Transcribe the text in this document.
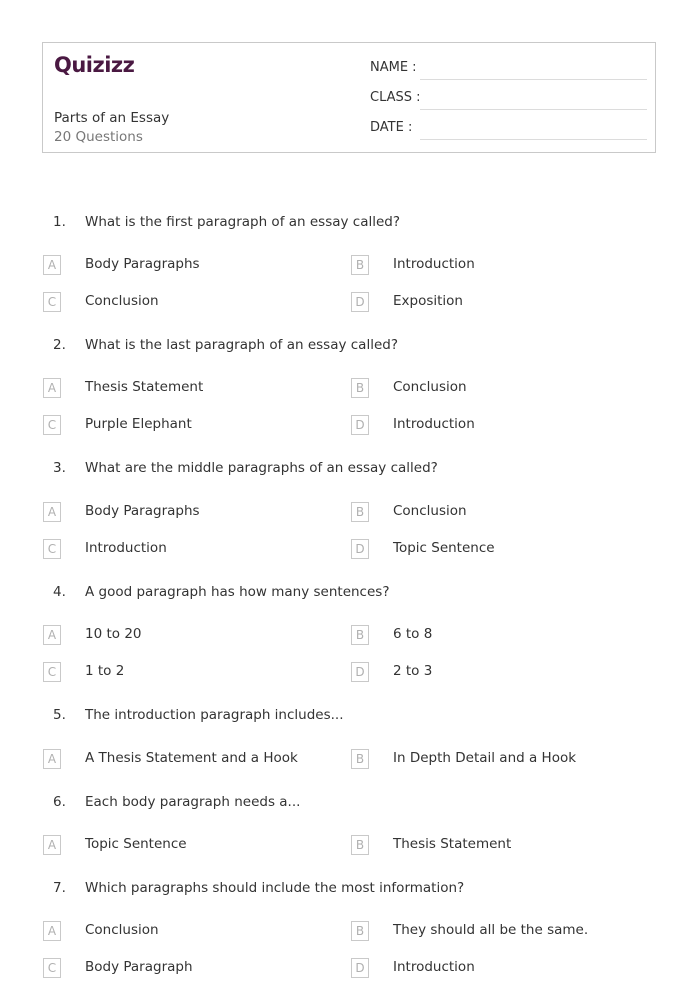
Quizizz
Parts of an Essay
20 Questions
NAME :
CLASS :
DATE :
1. What is the first paragraph of an essay called?
A	Body Paragraphs	B	Introduction
C	Conclusion	D	Exposition
2. What is the last paragraph of an essay called?
A	Thesis Statement	B	Conclusion
C	Purple Elephant	D	Introduction
3. What are the middle paragraphs of an essay called?
A	Body Paragraphs	B	Conclusion
C	Introduction	D	Topic Sentence
4. A good paragraph has how many sentences?
A	10 to 20	B	6 to 8
C	1 to 2	D	2 to 3
5. The introduction paragraph includes...
A	A Thesis Statement and a Hook	B	In Depth Detail and a Hook
6. Each body paragraph needs a...
A	Topic Sentence	B	Thesis Statement
7. Which paragraphs should include the most information?
A	Conclusion	B	They should all be the same.
C	Body Paragraph	D	Introduction
